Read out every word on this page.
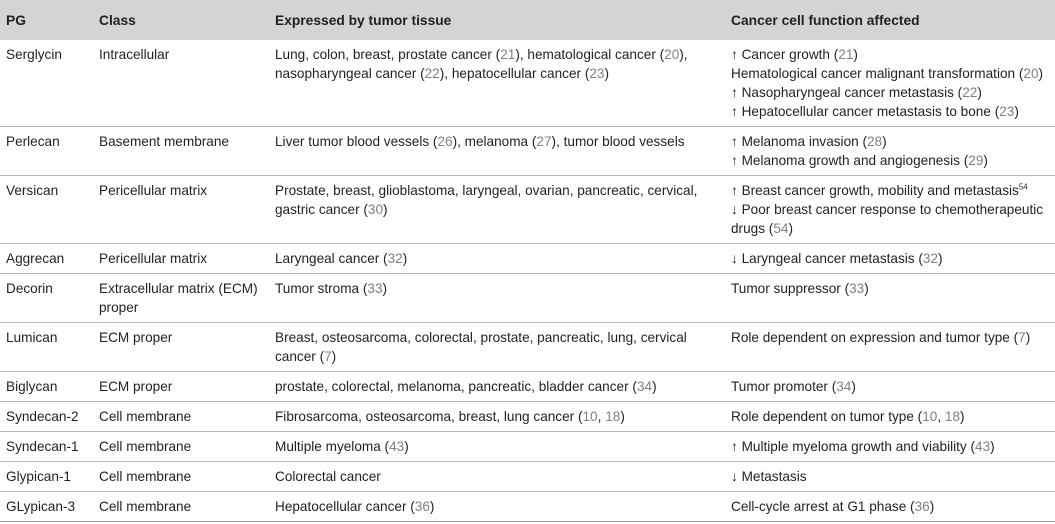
PG	Class	Expressed by tumor tissue	Cancer cell function affected
Serglycin	Intracellular	Lung, colon, breast, prostate cancer (21), hematological cancer (20), nasopharyngeal cancer (22), hepatocellular cancer (23)	↑ Cancer growth (21)
Hematological cancer malignant transformation (20)
↑ Nasopharyngeal cancer metastasis (22)
↑ Hepatocellular cancer metastasis to bone (23)

Perlecan	Basement membrane	Liver tumor blood vessels (26), melanoma (27), tumor blood vessels	↑ Melanoma invasion (28)
↑ Melanoma growth and angiogenesis (29)

Versican	Pericellular matrix	Prostate, breast, glioblastoma, laryngeal, ovarian, pancreatic, cervical, gastric cancer (30)	↑ Breast cancer growth, mobility and metastasis$^{54}$
↓ Poor breast cancer response to chemotherapeutic drugs (54)

Aggrecan	Pericellular matrix	Laryngeal cancer (32)	↓ Laryngeal cancer metastasis (32)

Decorin	Extracellular matrix (ECM) proper	Tumor stroma (33)	Tumor suppressor (33)

Lumican	ECM proper	Breast, osteosarcoma, colorectal, prostate, pancreatic, lung, cervical cancer (7)	Role dependent on expression and tumor type (7)

Biglycan	ECM proper	prostate, colorectal, melanoma, pancreatic, bladder cancer (34)	Tumor promoter (34)

Syndecan-2	Cell membrane	Fibrosarcoma, osteosarcoma, breast, lung cancer (10, 18)	Role dependent on tumor type (10, 18)

Syndecan-1	Cell membrane	Multiple myeloma (43)	↑ Multiple myeloma growth and viability (43)

Glypican-1	Cell membrane	Colorectal cancer	↓ Metastasis

GLypican-3	Cell membrane	Hepatocellular cancer (36)	Cell-cycle arrest at G1 phase (36)
